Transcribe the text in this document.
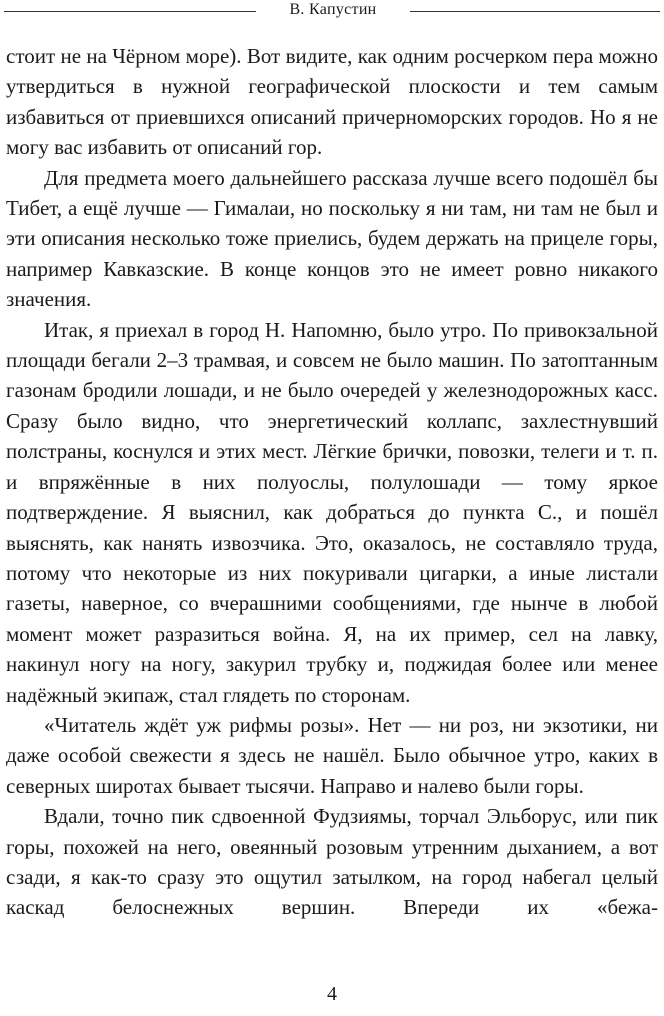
В. Капустин

стоит не на Чёрном море). Вот видите, как одним росчерком пера можно утвердиться в нужной географической плоскости и тем самым избавиться от приевшихся описаний причерноморских городов. Но я не могу вас избавить от описаний гор.

Для предмета моего дальнейшего рассказа лучше всего подошёл бы Тибет, а ещё лучше — Гималаи, но поскольку я ни там, ни там не был и эти описания несколько тоже приелись, будем держать на прицеле горы, например Кавказские. В конце концов это не имеет ровно никакого значения.

Итак, я приехал в город Н. Напомню, было утро. По привокзальной площади бегали 2–3 трамвая, и совсем не было машин. По затоптанным газонам бродили лошади, и не было очередей у железнодорожных касс. Сразу было видно, что энергетический коллапс, захлестнувший полстраны, коснулся и этих мест. Лёгкие брички, повозки, телеги и т. п. и впряжённые в них полуослы, полулошади — тому яркое подтверждение. Я выяснил, как добраться до пункта С., и пошёл выяснять, как нанять извозчика. Это, оказалось, не составляло труда, потому что некоторые из них покуривали цигарки, а иные листали газеты, наверное, со вчерашними сообщениями, где нынче в любой момент может разразиться война. Я, на их пример, сел на лавку, накинул ногу на ногу, закурил трубку и, поджидая более или менее надёжный экипаж, стал глядеть по сторонам.

«Читатель ждёт уж рифмы розы». Нет — ни роз, ни экзотики, ни даже особой свежести я здесь не нашёл. Было обычное утро, каких в северных широтах бывает тысячи. Направо и налево были горы.

Вдали, точно пик сдвоенной Фудзиямы, торчал Эльборус, или пик горы, похожей на него, овеянный розовым утренним дыханием, а вот сзади, я как-то сразу это ощутил затылком, на город набегал целый каскад белоснежных вершин. Впереди их «бежа-

4
